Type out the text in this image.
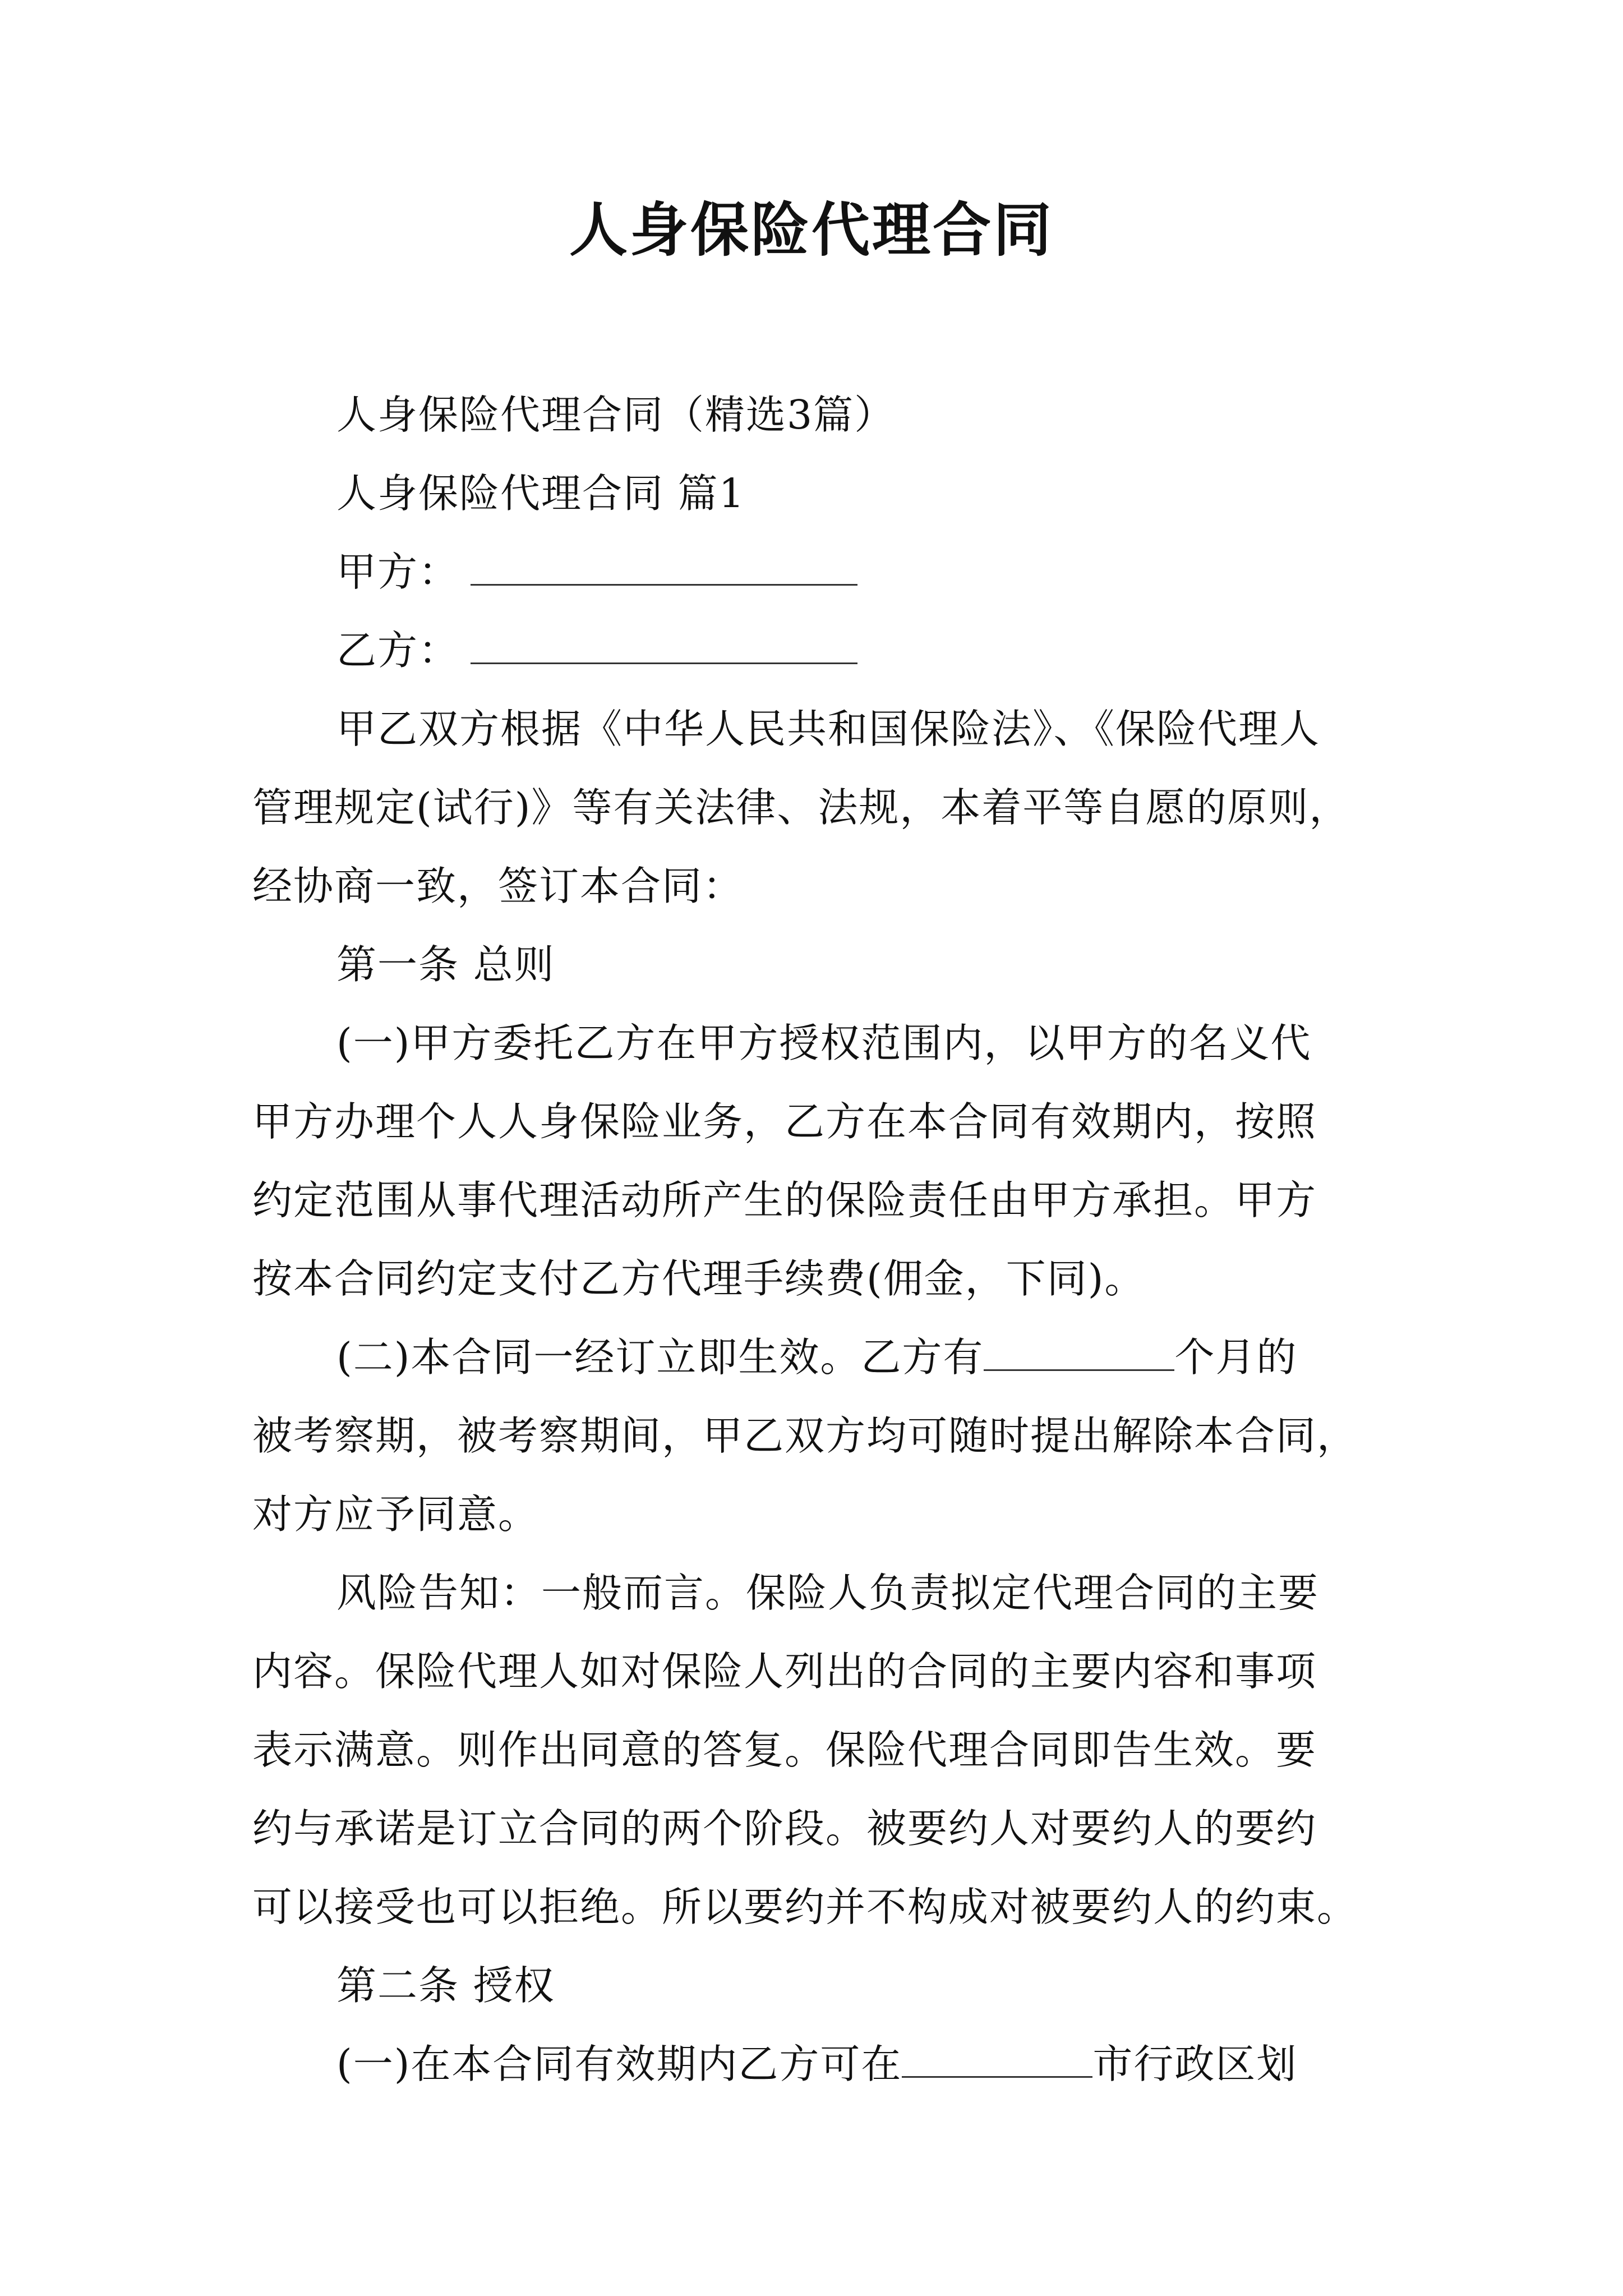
人身保险代理合同
人身保险代理合同（精选3篇）
人身保险代理合同 篇1
甲方：
乙方：
甲乙双方根据《中华人民共和国保险法》、《保险代理人
管理规定(试行)》等有关法律、法规，本着平等自愿的原则，
经协商一致，签订本合同：
第一条 总则
(一)甲方委托乙方在甲方授权范围内，以甲方的名义代
甲方办理个人人身保险业务，乙方在本合同有效期内，按照
约定范围从事代理活动所产生的保险责任由甲方承担。甲方
按本合同约定支付乙方代理手续费(佣金，下同)。
(二)本合同一经订立即生效。乙方有	个月的
被考察期，被考察期间，甲乙双方均可随时提出解除本合同，
对方应予同意。
风险告知：一般而言。保险人负责拟定代理合同的主要
内容。保险代理人如对保险人列出的合同的主要内容和事项
表示满意。则作出同意的答复。保险代理合同即告生效。要
约与承诺是订立合同的两个阶段。被要约人对要约人的要约
可以接受也可以拒绝。所以要约并不构成对被要约人的约束。
第二条 授权
(一)在本合同有效期内乙方可在	市行政区划
